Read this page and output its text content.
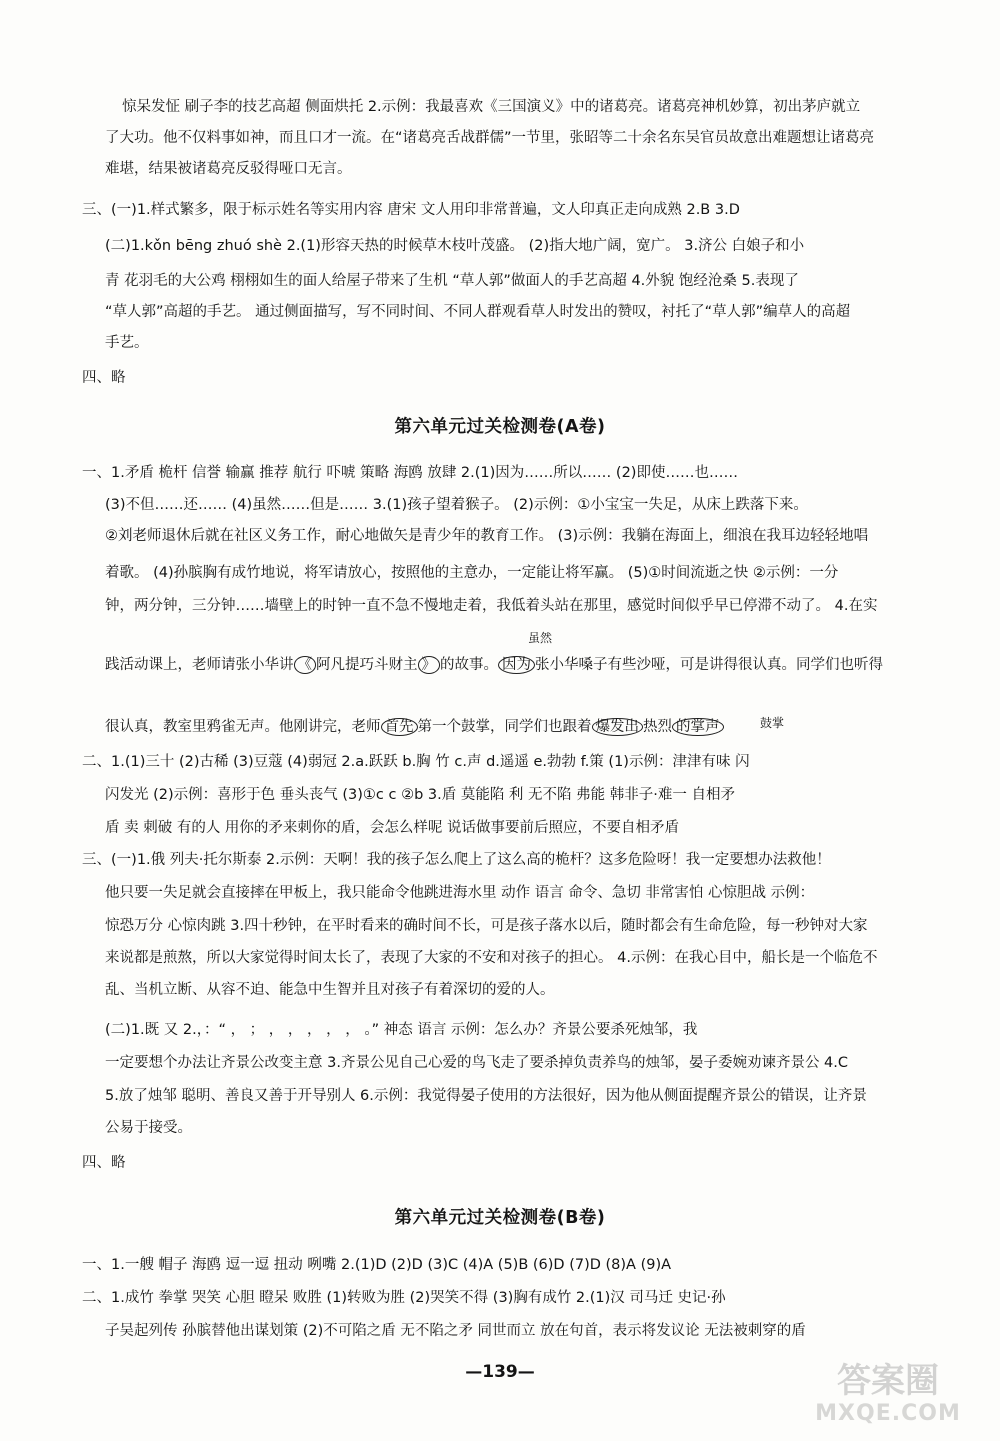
惊呆发怔 刷子李的技艺高超 侧面烘托 2.示例：我最喜欢《三国演义》中的诸葛亮。诸葛亮神机妙算，初出茅庐就立
了大功。他不仅料事如神，而且口才一流。在“诸葛亮舌战群儒”一节里，张昭等二十余名东吴官员故意出难题想让诸葛亮
难堪，结果被诸葛亮反驳得哑口无言。
三、(一)1.样式繁多，限于标示姓名等实用内容 唐宋 文人用印非常普遍，文人印真正走向成熟 2.B 3.D
(二)1.kǒn bēng zhuó shè 2.(1)形容天热的时候草木枝叶茂盛。 (2)指大地广阔，宽广。 3.济公 白娘子和小
青 花羽毛的大公鸡 栩栩如生的面人给屋子带来了生机 “草人郭”做面人的手艺高超 4.外貌 饱经沧桑 5.表现了
“草人郭”高超的手艺。 通过侧面描写，写不同时间、不同人群观看草人时发出的赞叹，衬托了“草人郭”编草人的高超
手艺。
四、略
第六单元过关检测卷(A卷)
一、1.矛盾 桅杆 信誉 输赢 推荐 航行 吓唬 策略 海鸥 放肆 2.(1)因为……所以…… (2)即使……也……
(3)不但……还…… (4)虽然……但是…… 3.(1)孩子望着猴子。 (2)示例：①小宝宝一失足，从床上跌落下来。
②刘老师退休后就在社区义务工作，耐心地做矢是青少年的教育工作。 (3)示例：我躺在海面上，细浪在我耳边轻轻地唱
着歌。 (4)孙膑胸有成竹地说，将军请放心，按照他的主意办，一定能让将军赢。 (5)①时间流逝之快 ②示例：一分
钟，两分钟，三分钟……墙壁上的时钟一直不急不慢地走着，我低着头站在那里，感觉时间似乎早已停滞不动了。 4.在实
践活动课上，老师请张小华讲 《 阿凡提巧斗财主 》 的故事。 因为 张小华嗓子有些沙哑，可是讲得很认真。同学们也听得
虽然
很认真，教室里鸦雀无声。他刚讲完，老师 首先 第一个鼓掌，同学们也跟着 爆发出 热烈 的掌声	鼓掌
二、1.(1)三十 (2)古稀 (3)豆蔻 (4)弱冠 2.a.跃跃 b.胸 竹 c.声 d.遥遥 e.勃勃 f.策 (1)示例：津津有味 闪
闪发光 (2)示例：喜形于色 垂头丧气 (3)①c c ②b 3.盾 莫能陷 利 无不陷 弗能 韩非子·难一 自相矛
盾 卖 刺破 有的人 用你的矛来刺你的盾，会怎么样呢 说话做事要前后照应，不要自相矛盾
三、(一)1.俄 列夫·托尔斯泰 2.示例：天啊！我的孩子怎么爬上了这么高的桅杆？这多危险呀！我一定要想办法救他！
他只要一失足就会直接摔在甲板上，我只能命令他跳进海水里 动作 语言 命令、急切 非常害怕 心惊胆战 示例：
惊恐万分 心惊肉跳 3.四十秒钟，在平时看来的确时间不长，可是孩子落水以后，随时都会有生命危险，每一秒钟对大家
来说都是煎熬，所以大家觉得时间太长了，表现了大家的不安和对孩子的担心。 4.示例：在我心目中，船长是一个临危不
乱、当机立断、从容不迫、能急中生智并且对孩子有着深切的爱的人。
(二)1.既 又 2.，：“ ， ； ， ， ， ， ， 。” 神态 语言 示例：怎么办？齐景公要杀死烛邹，我
一定要想个办法让齐景公改变主意 3.齐景公见自己心爱的鸟飞走了要杀掉负责养鸟的烛邹，晏子委婉劝谏齐景公 4.C
5.放了烛邹 聪明、善良又善于开导别人 6.示例：我觉得晏子使用的方法很好，因为他从侧面提醒齐景公的错误，让齐景
公易于接受。
四、略
第六单元过关检测卷(B卷)
一、1.一艘 帽子 海鸥 逗一逗 扭动 咧嘴 2.(1)D (2)D (3)C (4)A (5)B (6)D (7)D (8)A (9)A
二、1.成竹 拳掌 哭笑 心胆 瞪呆 败胜 (1)转败为胜 (2)哭笑不得 (3)胸有成竹 2.(1)汉 司马迁 史记·孙
子吴起列传 孙膑替他出谋划策 (2)不可陷之盾 无不陷之矛 同世而立 放在句首，表示将发议论 无法被刺穿的盾
—139—	答案圈
MXQE.COM
